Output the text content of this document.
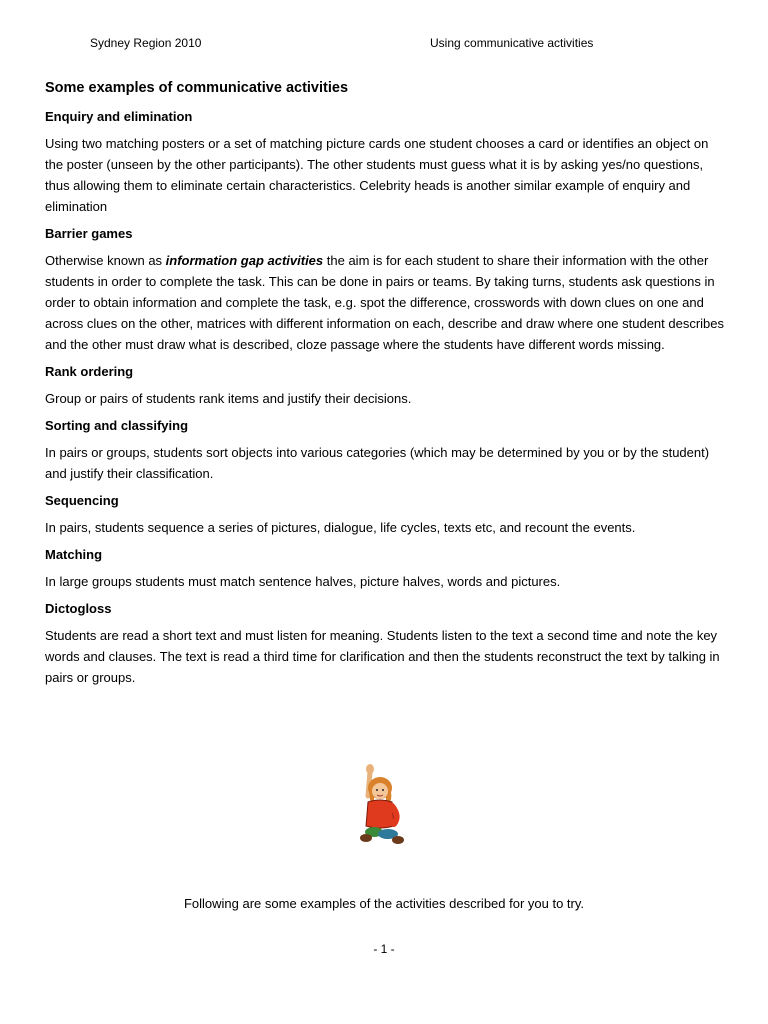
Sydney Region 2010	Using communicative activities
Some examples of communicative activities
Enquiry and elimination

Using two matching posters or a set of matching picture cards one student chooses a card or identifies an object on the poster (unseen by the other participants). The other students must guess what it is by asking yes/no questions, thus allowing them to eliminate certain characteristics. Celebrity heads is another similar example of enquiry and elimination

Barrier games

Otherwise known as information gap activities the aim is for each student to share their information with the other students in order to complete the task. This can be done in pairs or teams. By taking turns, students ask questions in order to obtain information and complete the task, e.g. spot the difference, crosswords with down clues on one and across clues on the other, matrices with different information on each, describe and draw where one student describes and the other must draw what is described, cloze passage where the students have different words missing.

Rank ordering

Group or pairs of students rank items and justify their decisions.

Sorting and classifying

In pairs or groups, students sort objects into various categories (which may be determined by you or by the student) and justify their classification.

Sequencing

In pairs, students sequence a series of pictures, dialogue, life cycles, texts etc, and recount the events.

Matching

In large groups students must match sentence halves, picture halves, words and pictures.

Dictogloss

Students are read a short text and must listen for meaning. Students listen to the text a second time and note the key words and clauses. The text is read a third time for clarification and then the students reconstruct the text by talking in pairs or groups.

Following are some examples of the activities described for you to try.
- 1 -
